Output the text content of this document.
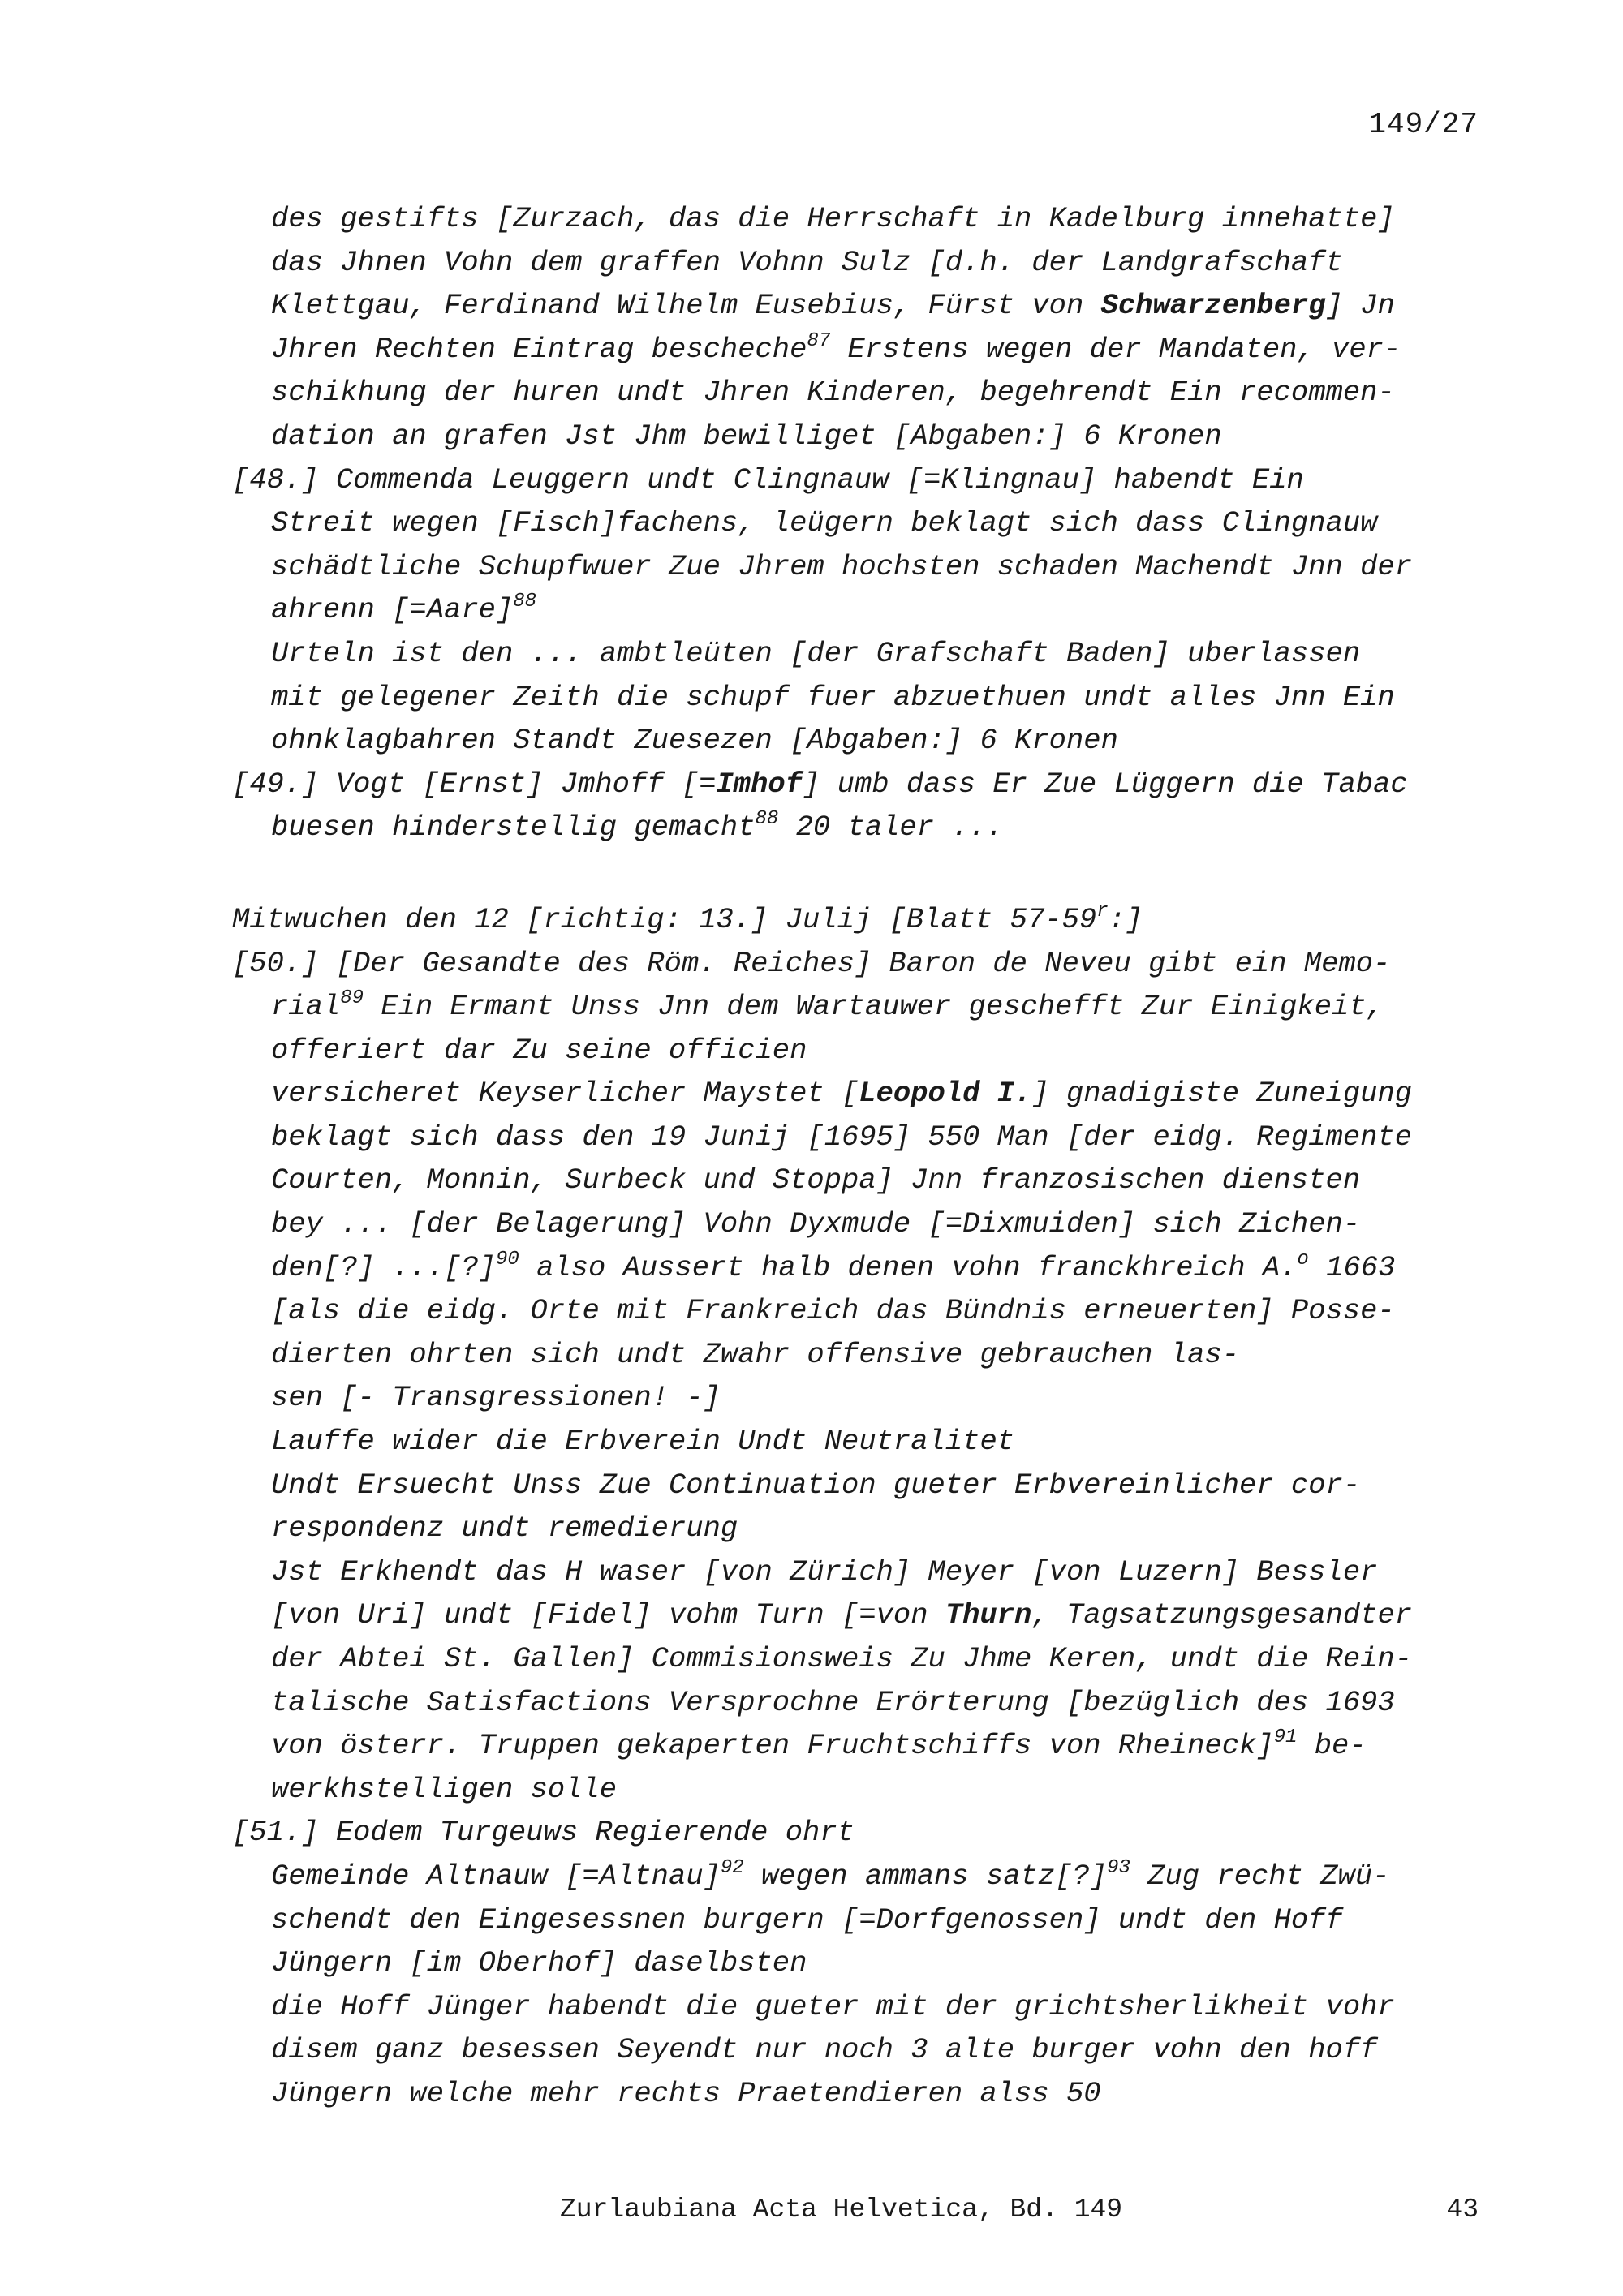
149/27
des gestifts [Zurzach, das die Herrschaft in Kadelburg innehatte]
das Jhnen Vohn dem graffen Vohnn Sulz [d.h. der Landgrafschaft
Klettgau, Ferdinand Wilhelm Eusebius, Fürst von Schwarzenberg] Jn
Jhren Rechten Eintrag bescheche$^{87}$ Erstens wegen der Mandaten, ver-
schikhung der huren undt Jhren Kinderen, begehrendt Ein recommen-
dation an grafen Jst Jhm bewilliget [Abgaben:] 6 Kronen
[48.] Commenda Leuggern undt Clingnauw [=Klingnau] habendt Ein
Streit wegen [Fisch]fachens, leügern beklagt sich dass Clingnauw
schädtliche Schupfwuer Zue Jhrem hochsten schaden Machendt Jnn der
ahrenn [=Aare]$^{88}$
Urteln ist den ... ambtleüten [der Grafschaft Baden] uberlassen
mit gelegener Zeith die schupf fuer abzuethuen undt alles Jnn Ein
ohnklagbahren Standt Zuesezen [Abgaben:] 6 Kronen
[49.] Vogt [Ernst] Jmhoff [=Imhof] umb dass Er Zue Lüggern die Tabac
buesen hinderstellig gemacht$^{88}$ 20 taler ...
Mitwuchen den 12 [richtig: 13.] Julij [Blatt 57-59$^r$:]
[50.] [Der Gesandte des Röm. Reiches] Baron de Neveu gibt ein Memo-
rial$^{89}$ Ein Ermant Unss Jnn dem Wartauwer geschefft Zur Einigkeit,
offeriert dar Zu seine officien
versicheret Keyserlicher Maystet [Leopold I.] gnadigiste Zuneigung
beklagt sich dass den 19 Junij [1695] 550 Man [der eidg. Regimente
Courten, Monnin, Surbeck und Stoppa] Jnn franzosischen diensten
bey ... [der Belagerung] Vohn Dyxmude [=Dixmuiden] sich Zichen-
den[?] ...[?]$^{90}$ also Aussert halb denen vohn franckhreich A.$^o$ 1663
[als die eidg. Orte mit Frankreich das Bündnis erneuerten] Posse-
dierten ohrten sich undt Zwahr offensive gebrauchen las-
sen [- Transgressionen! -]
Lauffe wider die Erbverein Undt Neutralitet
Undt Ersuecht Unss Zue Continuation gueter Erbvereinlicher cor-
respondenz undt remedierung
Jst Erkhendt das H waser [von Zürich] Meyer [von Luzern] Bessler
[von Uri] undt [Fidel] vohm Turn [=von Thurn, Tagsatzungsgesandter
der Abtei St. Gallen] Commisionsweis Zu Jhme Keren, undt die Rein-
talische Satisfactions Versprochne Erörterung [bezüglich des 1693
von österr. Truppen gekaperten Fruchtschiffs von Rheineck]$^{91}$ be-
werkhstelligen solle
[51.] Eodem Turgeuws Regierende ohrt
Gemeinde Altnauw [=Altnau]$^{92}$ wegen ammans satz[?]$^{93}$ Zug recht Zwü-
schendt den Eingesessnen burgern [=Dorfgenossen] undt den Hoff
Jüngern [im Oberhof] daselbsten
die Hoff Jünger habendt die gueter mit der grichtsherlikheit vohr
disem ganz besessen Seyendt nur noch 3 alte burger vohn den hoff
Jüngern welche mehr rechts Praetendieren alss 50
Zurlaubiana Acta Helvetica, Bd. 149	43
